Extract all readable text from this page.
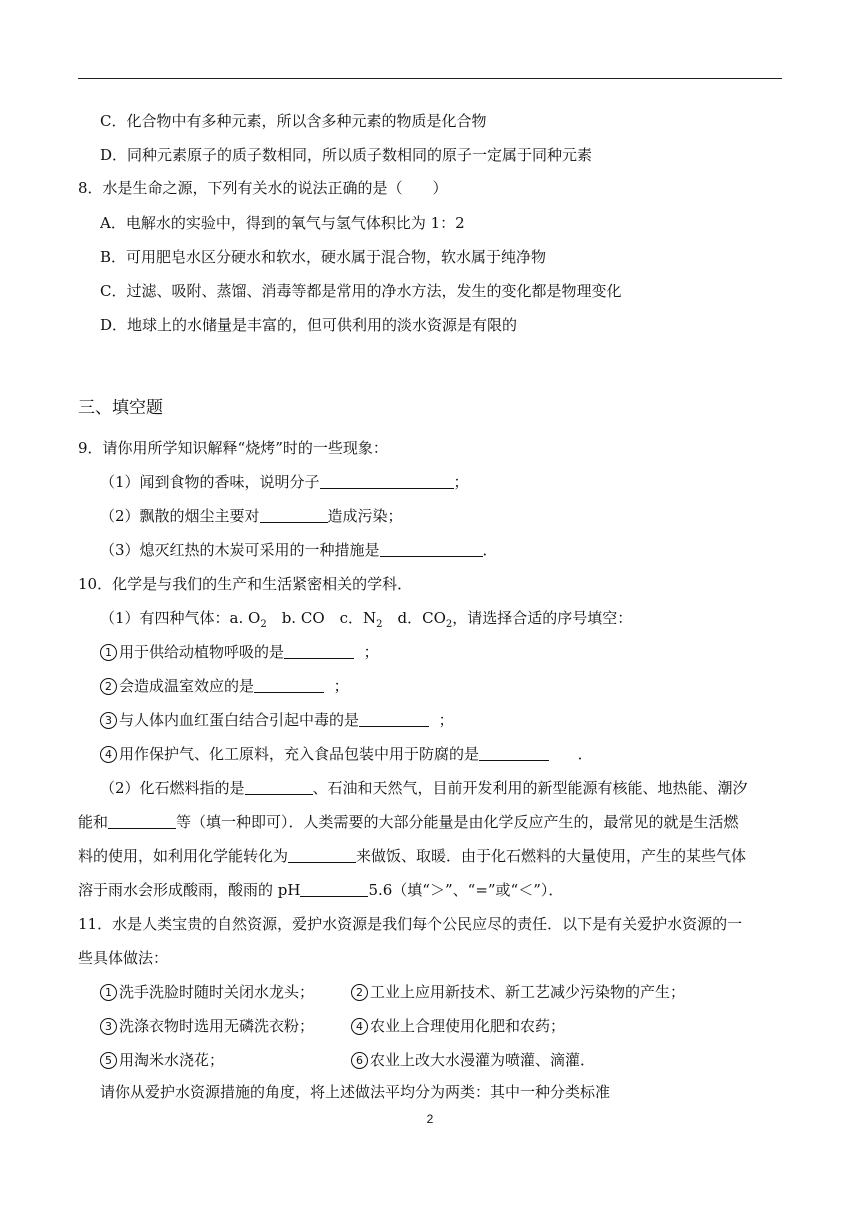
C．化合物中有多种元素，所以含多种元素的物质是化合物
D．同种元素原子的质子数相同，所以质子数相同的原子一定属于同种元素
8．水是生命之源，下列有关水的说法正确的是（　　）
A．电解水的实验中，得到的氧气与氢气体积比为 1：2
B．可用肥皂水区分硬水和软水，硬水属于混合物，软水属于纯净物
C．过滤、吸附、蒸馏、消毒等都是常用的净水方法，发生的变化都是物理变化
D．地球上的水储量是丰富的，但可供利用的淡水资源是有限的
三、填空题
9．请你用所学知识解释“烧烤”时的一些现象：
（1）闻到食物的香味，说明分子	；
（2）飘散的烟尘主要对	造成污染；
（3）熄灭红热的木炭可采用的一种措施是	．
10．化学是与我们的生产和生活紧密相关的学科．
（1）有四种气体：a. $O_2$　b. CO　c．$N_2$　d．$CO_2$，请选择合适的序号填空：
1 用于供给动植物呼吸的是	；
2 会造成温室效应的是	；
3 与人体内血红蛋白结合引起中毒的是	；
4 用作保护气、化工原料，充入食品包装中用于防腐的是	．
（2）化石燃料指的是	、石油和天然气，目前开发利用的新型能源有核能、地热能、潮汐
能和	等（填一种即可）．人类需要的大部分能量是由化学反应产生的，最常见的就是生活燃
料的使用，如利用化学能转化为	来做饭、取暖．由于化石燃料的大量使用，产生的某些气体
溶于雨水会形成酸雨，酸雨的 pH	5.6（填“＞”、“=”或“＜”）．
11．水是人类宝贵的自然资源，爱护水资源是我们每个公民应尽的责任．以下是有关爱护水资源的一
些具体做法：
1 洗手洗脸时随时关闭水龙头；	2 工业上应用新技术、新工艺减少污染物的产生；
3 洗涤衣物时选用无磷洗衣粉；	4 农业上合理使用化肥和农药；
5 用淘米水浇花；	6 农业上改大水漫灌为喷灌、滴灌．
请你从爱护水资源措施的角度，将上述做法平均分为两类：其中一种分类标准
2
